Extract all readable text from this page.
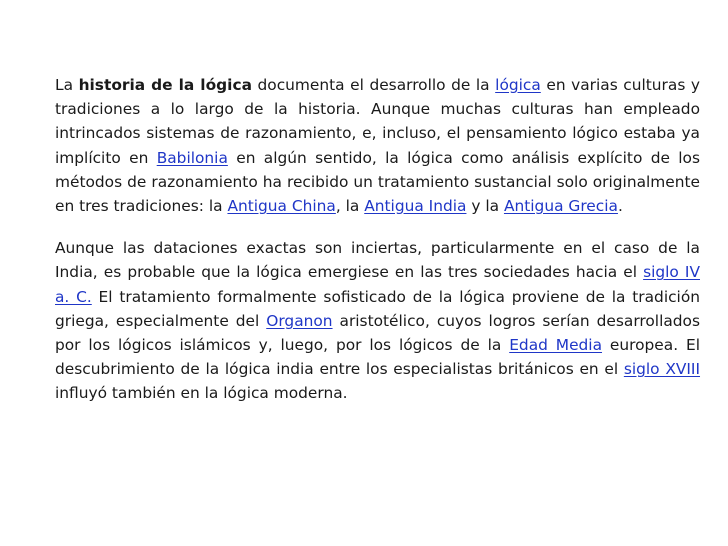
La historia de la lógica documenta el desarrollo de la lógica en varias culturas y tradiciones a lo largo de la historia. Aunque muchas culturas han empleado intrincados sistemas de razonamiento, e, incluso, el pensamiento lógico estaba ya implícito en Babilonia en algún sentido, la lógica como análisis explícito de los métodos de razonamiento ha recibido un tratamiento sustancial solo originalmente en tres tradiciones: la Antigua China, la Antigua India y la Antigua Grecia.

Aunque las dataciones exactas son inciertas, particularmente en el caso de la India, es probable que la lógica emergiese en las tres sociedades hacia el siglo IV a. C. El tratamiento formalmente sofisticado de la lógica proviene de la tradición griega, especialmente del Organon aristotélico, cuyos logros serían desarrollados por los lógicos islámicos y, luego, por los lógicos de la Edad Media europea. El descubrimiento de la lógica india entre los especialistas británicos en el siglo XVIII influyó también en la lógica moderna.
